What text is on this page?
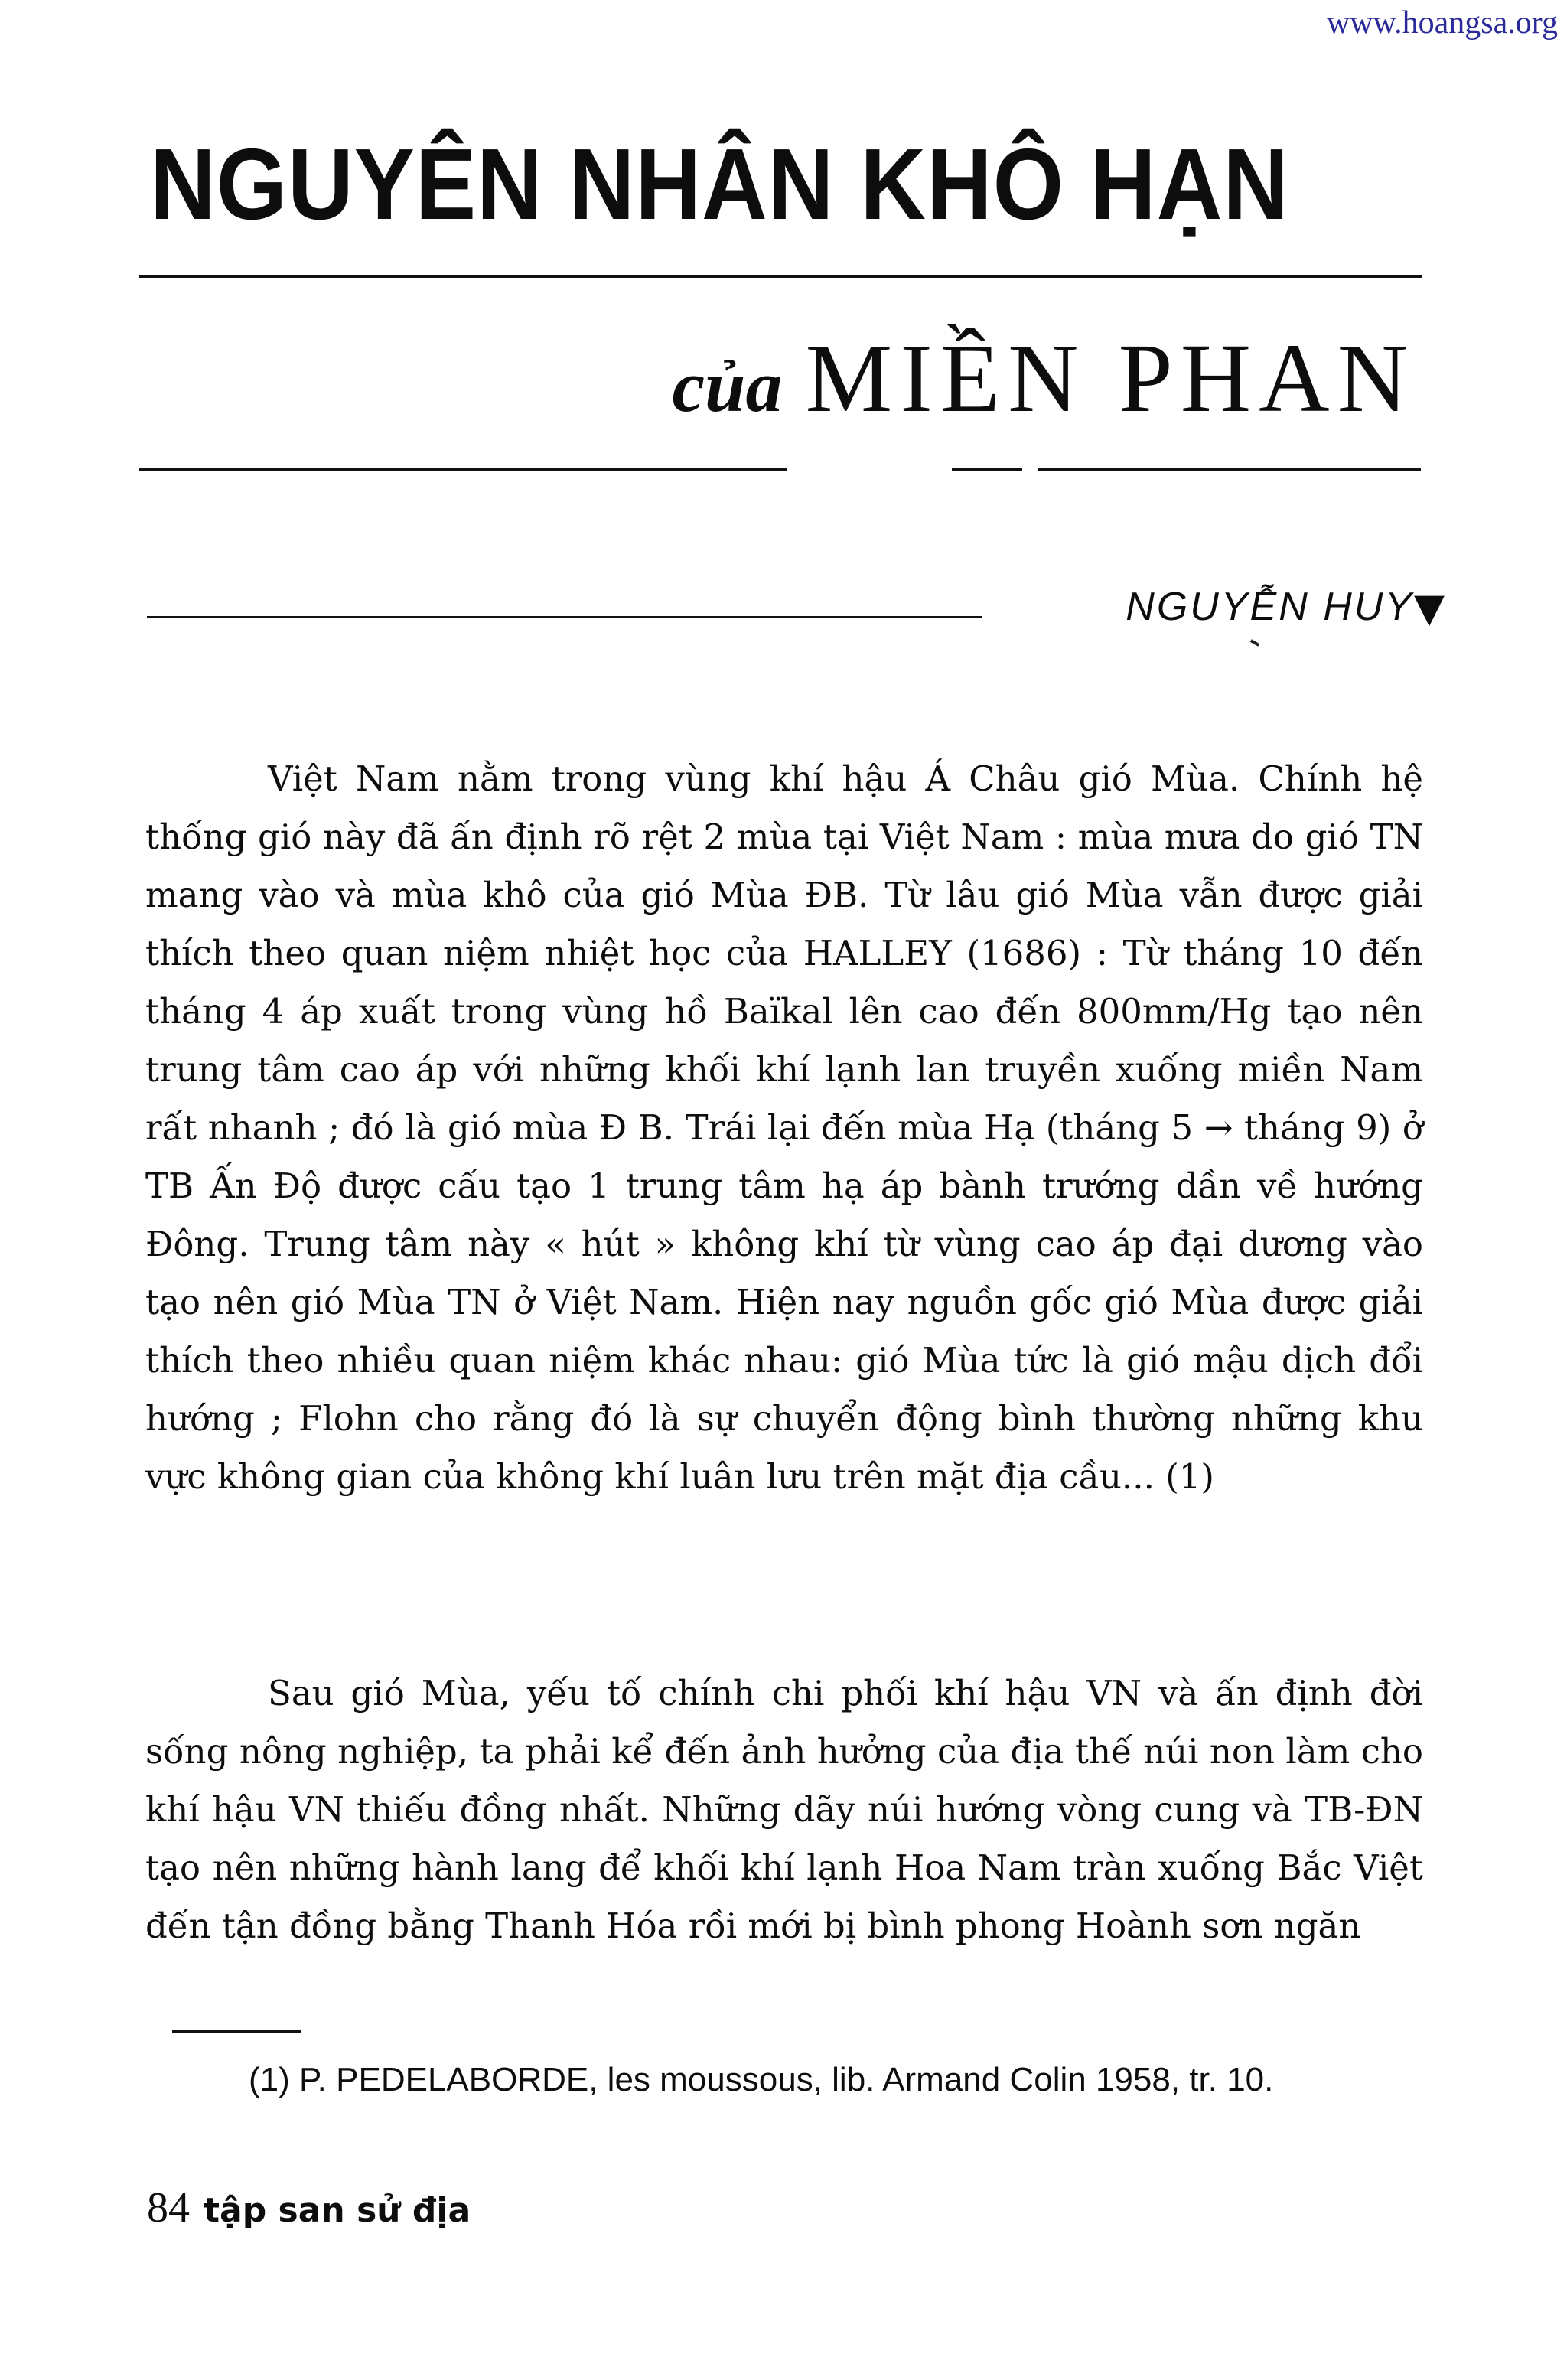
www.hoangsa.org
NGUYÊN NHÂN KHÔ HẠN
của MIỀN PHAN
NGUYỄN HUY ▼

Việt Nam nằm trong vùng khí hậu Á Châu gió Mùa. Chính hệ thống gió này đã ấn định rõ rệt 2 mùa tại Việt Nam : mùa mưa do gió TN mang vào và mùa khô của gió Mùa ĐB. Từ lâu gió Mùa vẫn được giải thích theo quan niệm nhiệt học của HALLEY (1686) : Từ tháng 10 đến tháng 4 áp xuất trong vùng hồ Baïkal lên cao đến 800mm/Hg tạo nên trung tâm cao áp với những khối khí lạnh lan truyền xuống miền Nam rất nhanh ; đó là gió mùa Đ B. Trái lại đến mùa Hạ (tháng 5 → tháng 9) ở TB Ấn Độ được cấu tạo 1 trung tâm hạ áp bành trướng dần về hướng Đông. Trung tâm này « hút » không khí từ vùng cao áp đại dương vào tạo nên gió Mùa TN ở Việt Nam. Hiện nay nguồn gốc gió Mùa được giải thích theo nhiều quan niệm khác nhau: gió Mùa tức là gió mậu dịch đổi hướng ; Flohn cho rằng đó là sự chuyển động bình thường những khu vực không gian của không khí luân lưu trên mặt địa cầu... (1)

Sau gió Mùa, yếu tố chính chi phối khí hậu VN và ấn định đời sống nông nghiệp, ta phải kể đến ảnh hưởng của địa thế núi non làm cho khí hậu VN thiếu đồng nhất. Những dãy núi hướng vòng cung và TB-ĐN tạo nên những hành lang để khối khí lạnh Hoa Nam tràn xuống Bắc Việt đến tận đồng bằng Thanh Hóa rồi mới bị bình phong Hoành sơn ngăn

(1) P. PEDELABORDE, les moussous, lib. Armand Colin 1958, tr. 10.

84 tập san sử địa
